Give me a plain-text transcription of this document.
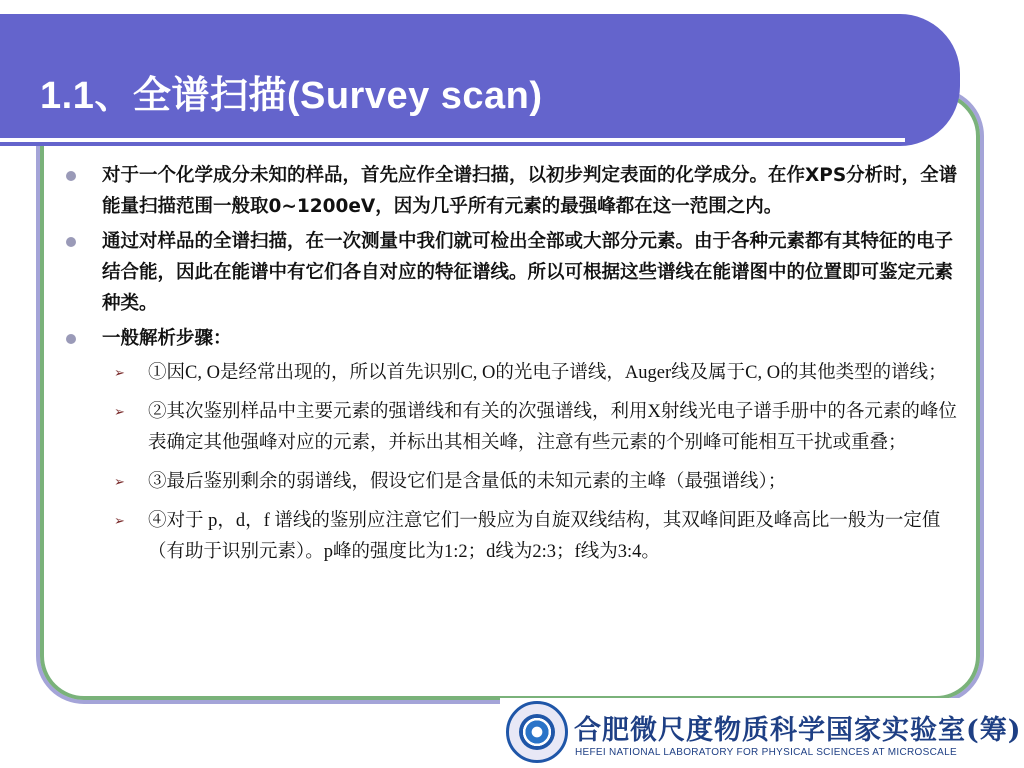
1.1、全谱扫描(Survey scan)

对于一个化学成分未知的样品，首先应作全谱扫描，以初步判定表面的化学成分。在作XPS分析时，全谱能量扫描范围一般取0~1200eV，因为几乎所有元素的最强峰都在这一范围之内。

通过对样品的全谱扫描，在一次测量中我们就可检出全部或大部分元素。由于各种元素都有其特征的电子结合能，因此在能谱中有它们各自对应的特征谱线。所以可根据这些谱线在能谱图中的位置即可鉴定元素种类。

一般解析步骤：

➢ ①因C, O是经常出现的，所以首先识别C, O的光电子谱线，Auger线及属于C, O的其他类型的谱线；

➢ ②其次鉴别样品中主要元素的强谱线和有关的次强谱线，利用X射线光电子谱手册中的各元素的峰位表确定其他强峰对应的元素，并标出其相关峰，注意有些元素的个别峰可能相互干扰或重叠；

➢ ③最后鉴别剩余的弱谱线，假设它们是含量低的未知元素的主峰（最强谱线）；

➢ ④对于 p，d，f 谱线的鉴别应注意它们一般应为自旋双线结构，其双峰间距及峰高比一般为一定值（有助于识别元素）。p峰的强度比为1:2；d线为2:3；f线为3:4。

合肥微尺度物质科学国家实验室(筹)
HEFEI NATIONAL LABORATORY FOR PHYSICAL SCIENCES AT MICROSCALE
